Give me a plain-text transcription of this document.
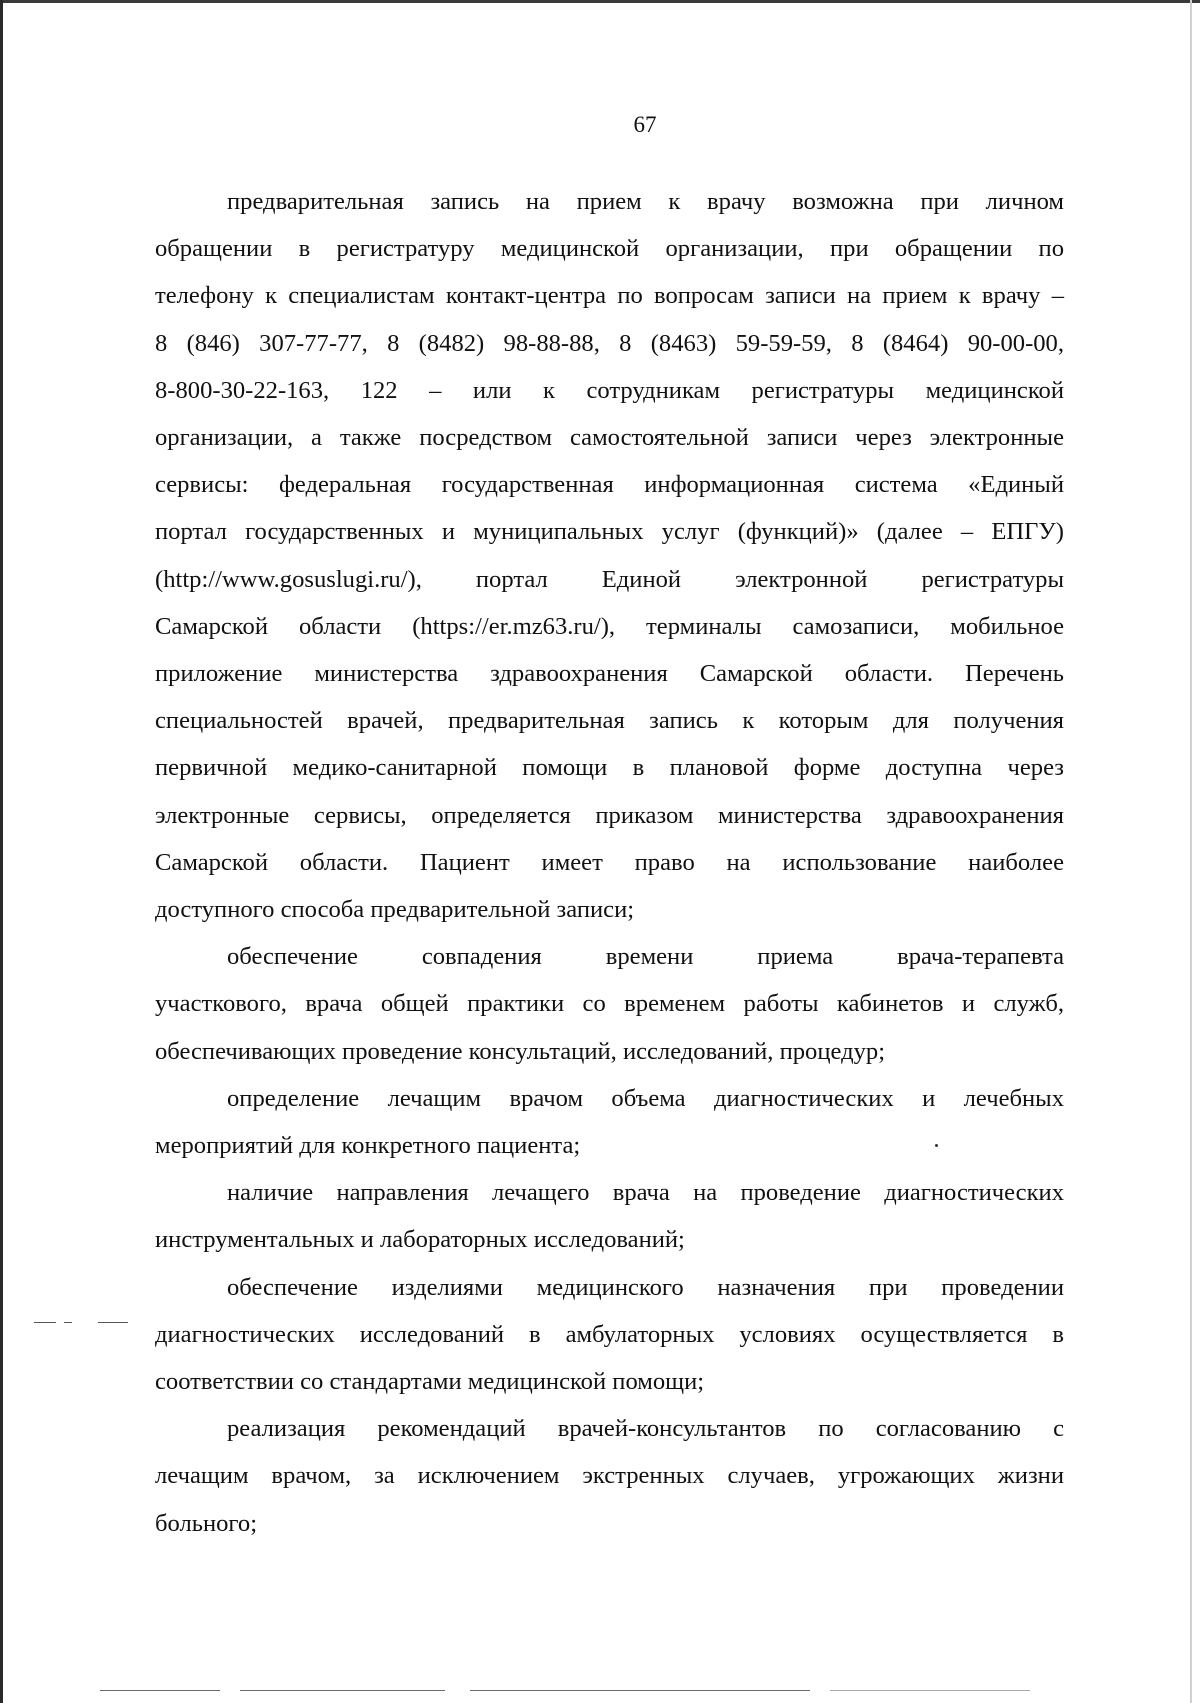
67

предварительная запись на прием к врачу возможна при личном
обращении в регистратуру медицинской организации, при обращении по
телефону к специалистам контакт-центра по вопросам записи на прием к врачу –
8 (846) 307-77-77, 8 (8482) 98-88-88, 8 (8463) 59-59-59, 8 (8464) 90-00-00,
8-800-30-22-163, 122 – или к сотрудникам регистратуры медицинской
организации, а также посредством самостоятельной записи через электронные
сервисы: федеральная государственная информационная система «Единый
портал государственных и муниципальных услуг (функций)» (далее – ЕПГУ)
(http://www.gosuslugi.ru/), портал Единой электронной регистратуры
Самарской области (https://er.mz63.ru/), терминалы самозаписи, мобильное
приложение министерства здравоохранения Самарской области. Перечень
специальностей врачей, предварительная запись к которым для получения
первичной медико-санитарной помощи в плановой форме доступна через
электронные сервисы, определяется приказом министерства здравоохранения
Самарской области. Пациент имеет право на использование наиболее
доступного способа предварительной записи;
обеспечение совпадения времени приема врача-терапевта
участкового, врача общей практики со временем работы кабинетов и служб,
обеспечивающих проведение консультаций, исследований, процедур;
определение лечащим врачом объема диагностических и лечебных
мероприятий для конкретного пациента;
наличие направления лечащего врача на проведение диагностических
инструментальных и лабораторных исследований;
обеспечение изделиями медицинского назначения при проведении
диагностических исследований в амбулаторных условиях осуществляется в
соответствии со стандартами медицинской помощи;
реализация рекомендаций врачей-консультантов по согласованию с
лечащим врачом, за исключением экстренных случаев, угрожающих жизни
больного;
